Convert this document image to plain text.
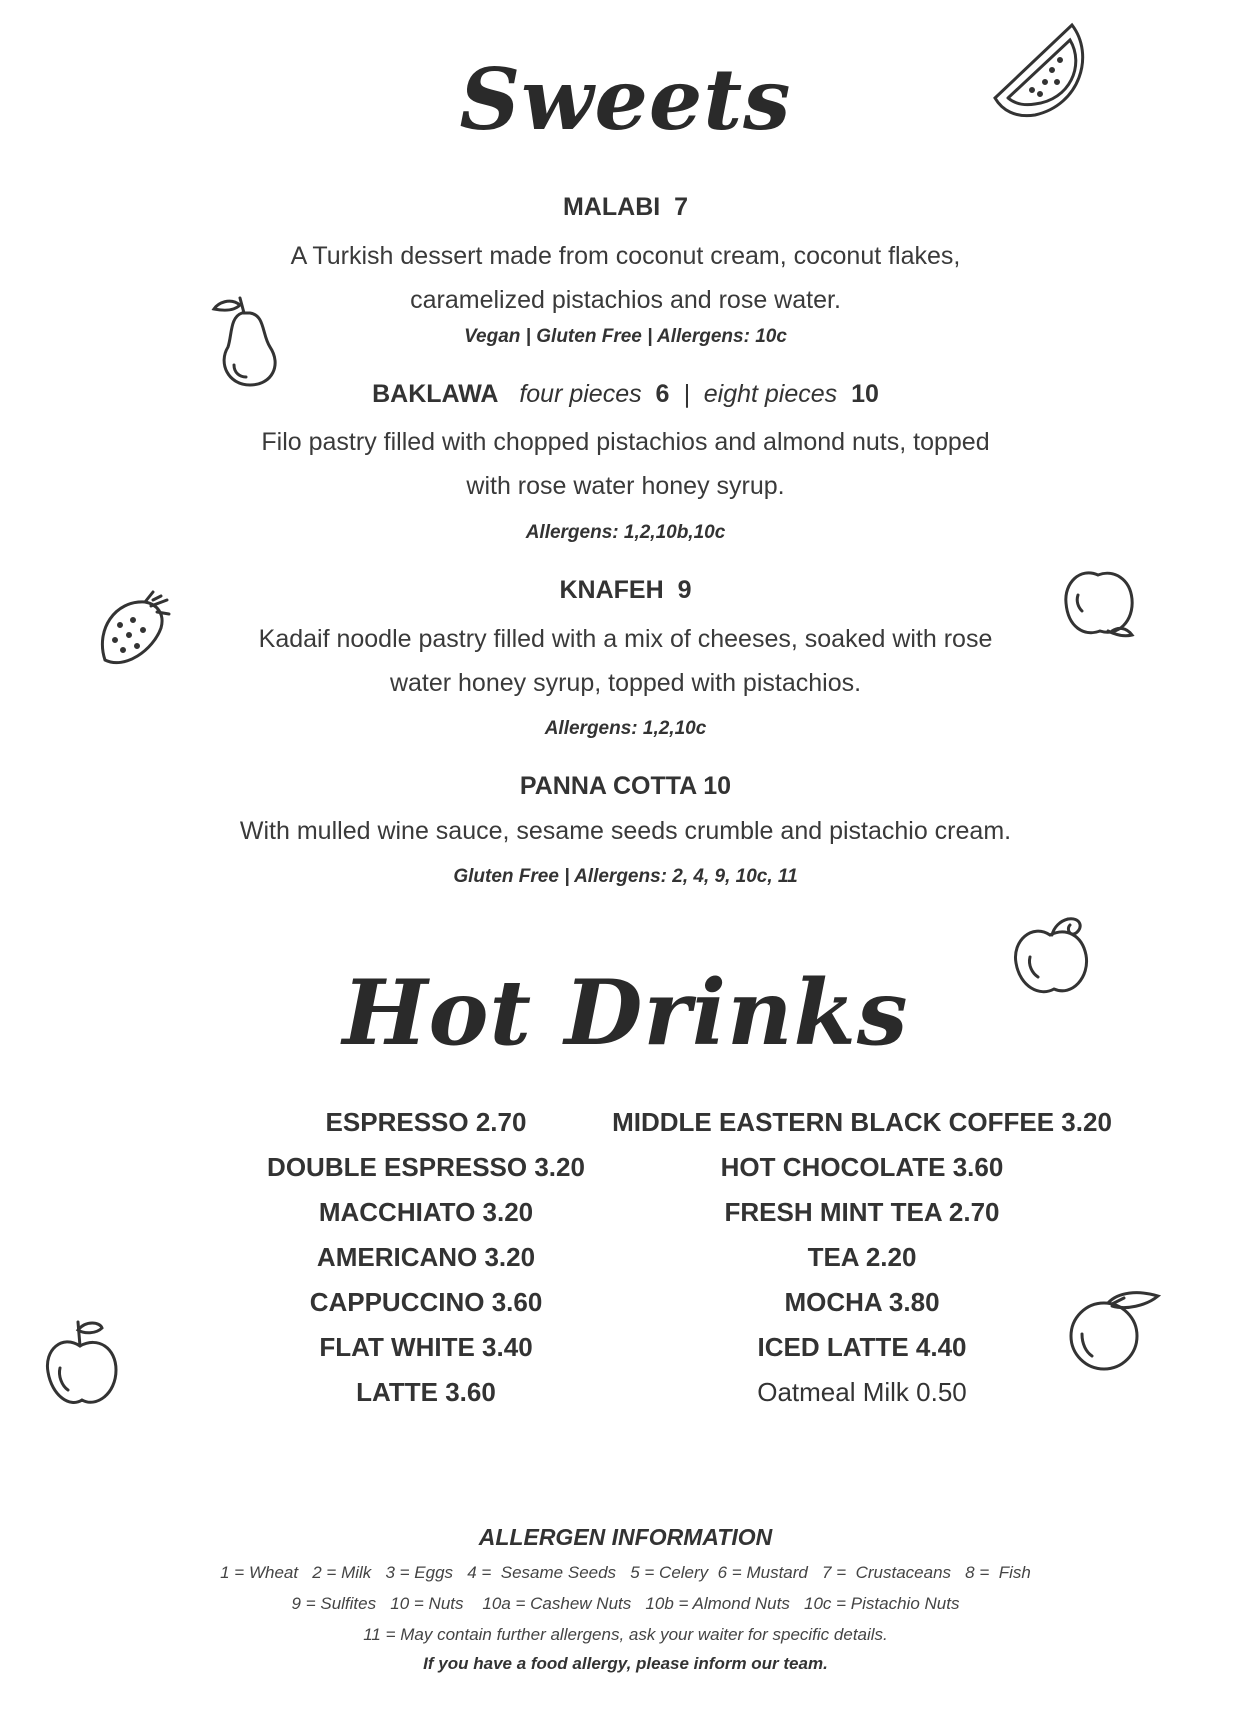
Sweets
MALABI 7
A Turkish dessert made from coconut cream, coconut flakes,
caramelized pistachios and rose water.
Vegan | Gluten Free | Allergens: 10c
BAKLAWA four pieces 6 | eight pieces 10
Filo pastry filled with chopped pistachios and almond nuts, topped
with rose water honey syrup.
Allergens: 1,2,10b,10c
KNAFEH 9
Kadaif noodle pastry filled with a mix of cheeses, soaked with rose
water honey syrup, topped with pistachios.
Allergens: 1,2,10c
PANNA COTTA 10
With mulled wine sauce, sesame seeds crumble and pistachio cream.
Gluten Free | Allergens: 2, 4, 9, 10c, 11
Hot Drinks
ESPRESSO 2.70
DOUBLE ESPRESSO 3.20
MACCHIATO 3.20
AMERICANO 3.20
CAPPUCCINO 3.60
FLAT WHITE 3.40
LATTE 3.60
MIDDLE EASTERN BLACK COFFEE 3.20
HOT CHOCOLATE 3.60
FRESH MINT TEA 2.70
TEA 2.20
MOCHA 3.80
ICED LATTE 4.40
Oatmeal Milk 0.50
ALLERGEN INFORMATION
1 = Wheat   2 = Milk   3 = Eggs   4 =  Sesame Seeds   5 = Celery  6 = Mustard   7 =  Crustaceans   8 =  Fish
9 = Sulfites   10 = Nuts    10a = Cashew Nuts   10b = Almond Nuts   10c = Pistachio Nuts
11 = May contain further allergens, ask your waiter for specific details.
If you have a food allergy, please inform our team.
